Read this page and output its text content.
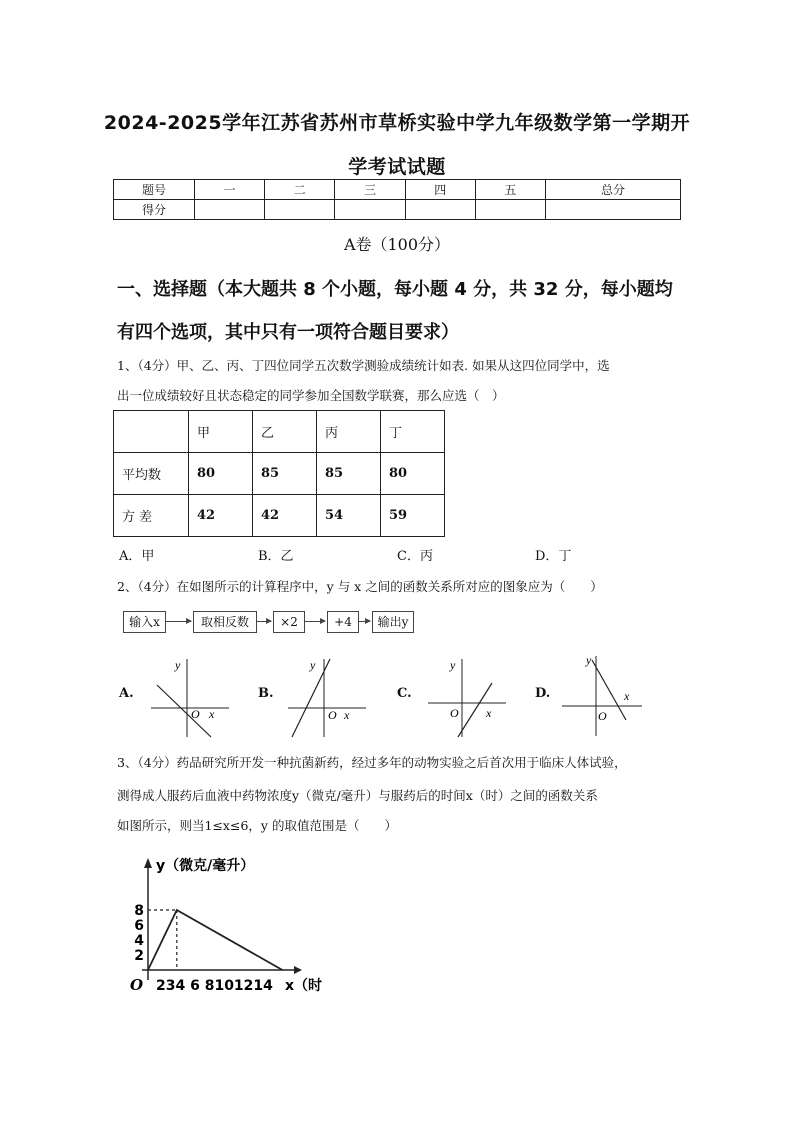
2024-2025学年江苏省苏州市草桥实验中学九年级数学第一学期开
学考试试题
题号	一	二	三	四	五	总分
得分						
A卷（100分）
一、选择题（本大题共 8 个小题，每小题 4 分，共 32 分，每小题均
有四个选项，其中只有一项符合题目要求）
1、（4分）甲、乙、丙、丁四位同学五次数学测验成绩统计如表. 如果从这四位同学中，选
出一位成绩较好且状态稳定的同学参加全国数学联赛，那么应选（　）
	甲	乙	丙	丁
平均数	80	85	85	80
方 差	42	42	54	59
A．甲	B．乙	C．丙	D．丁
2、（4分）在如图所示的计算程序中，y 与 x 之间的函数关系所对应的图象应为（　　）
输入x	取相反数	×2	+4	输出y
A.
y
O x
B.
y
O x
C.
y
O x
D.
y
O
x
3、（4分）药品研究所开发一种抗菌新药，经过多年的动物实验之后首次用于临床人体试验，
测得成人服药后血液中药物浓度y（微克/毫升）与服药后的时间x（时）之间的函数关系
如图所示，则当1≤x≤6，y 的取值范围是（　　）
y（微克/毫升）
x（时
O 234 6 8101214
2
4
6
8
